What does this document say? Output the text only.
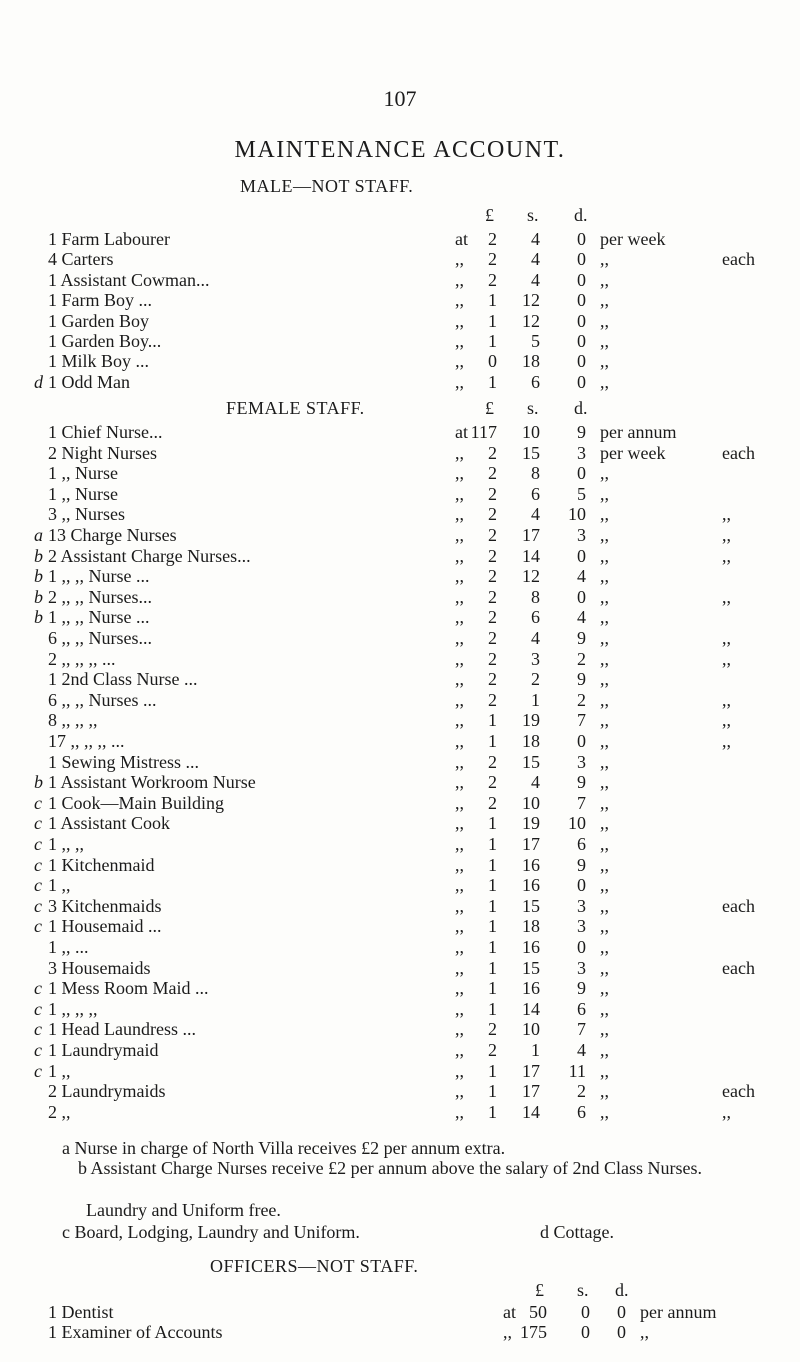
107
MAINTENANCE ACCOUNT.
MALE—NOT STAFF.
£ s. d.
1 Farm Labourer	at 2 4 0 per week
4 Carters	,, 2 4 0 ,,	each
1 Assistant Cowman...	,, 2 4 0 ,,
1 Farm Boy ...	,, 1 12 0 ,,
1 Garden Boy	,, 1 12 0 ,,
1 Garden Boy...	,, 1 5 0 ,,
1 Milk Boy ...	,, 0 18 0 ,,
d 1 Odd Man	,, 1 6 0 ,,
FEMALE STAFF.	£ s. d.
1 Chief Nurse...	at 117 10 9 per annum
2 Night Nurses	,, 2 15 3 per week	each
1 ,, Nurse	,, 2 8 0 ,,
1 ,, Nurse	,, 2 6 5 ,,
3 ,, Nurses	,, 2 4 10 ,,	,,
a 13 Charge Nurses	,, 2 17 3 ,,	,,
b 2 Assistant Charge Nurses...	,, 2 14 0 ,,	,,
b 1 ,, ,, Nurse ...	,, 2 12 4 ,,
b 2 ,, ,, Nurses...	,, 2 8 0 ,,	,,
b 1 ,, ,, Nurse ...	,, 2 6 4 ,,
6 ,, ,, Nurses...	,, 2 4 9 ,,	,,
2 ,, ,, ,, ...	,, 2 3 2 ,,	,,
1 2nd Class Nurse ...	,, 2 2 9 ,,
6 ,, ,, Nurses ...	,, 2 1 2 ,,	,,
8 ,, ,, ,,	,, 1 19 7 ,,	,,
17 ,, ,, ,, ...	,, 1 18 0 ,,	,,
1 Sewing Mistress ...	,, 2 15 3 ,,
b 1 Assistant Workroom Nurse	,, 2 4 9 ,,
c 1 Cook—Main Building	,, 2 10 7 ,,
c 1 Assistant Cook	,, 1 19 10 ,,
c 1 ,, ,,	,, 1 17 6 ,,
c 1 Kitchenmaid	,, 1 16 9 ,,
c 1 ,,	,, 1 16 0 ,,
c 3 Kitchenmaids	,, 1 15 3 ,,	each
c 1 Housemaid ...	,, 1 18 3 ,,
1 ,, ...	,, 1 16 0 ,,
3 Housemaids	,, 1 15 3 ,,	each
c 1 Mess Room Maid ...	,, 1 16 9 ,,
c 1 ,, ,, ,,	,, 1 14 6 ,,
c 1 Head Laundress ...	,, 2 10 7 ,,
c 1 Laundrymaid	,, 2 1 4 ,,
c 1 ,,	,, 1 17 11 ,,
2 Laundrymaids	,, 1 17 2 ,,	each
2 ,,	,, 1 14 6 ,,	,,
a Nurse in charge of North Villa receives £2 per annum extra.
b Assistant Charge Nurses receive £2 per annum above the salary of 2nd Class Nurses.
Laundry and Uniform free.
c Board, Lodging, Laundry and Uniform.	d Cottage.
OFFICERS—NOT STAFF.
£ s. d.
1 Dentist	at 50 0 0 per annum
1 Examiner of Accounts	,, 175 0 0 ,,
